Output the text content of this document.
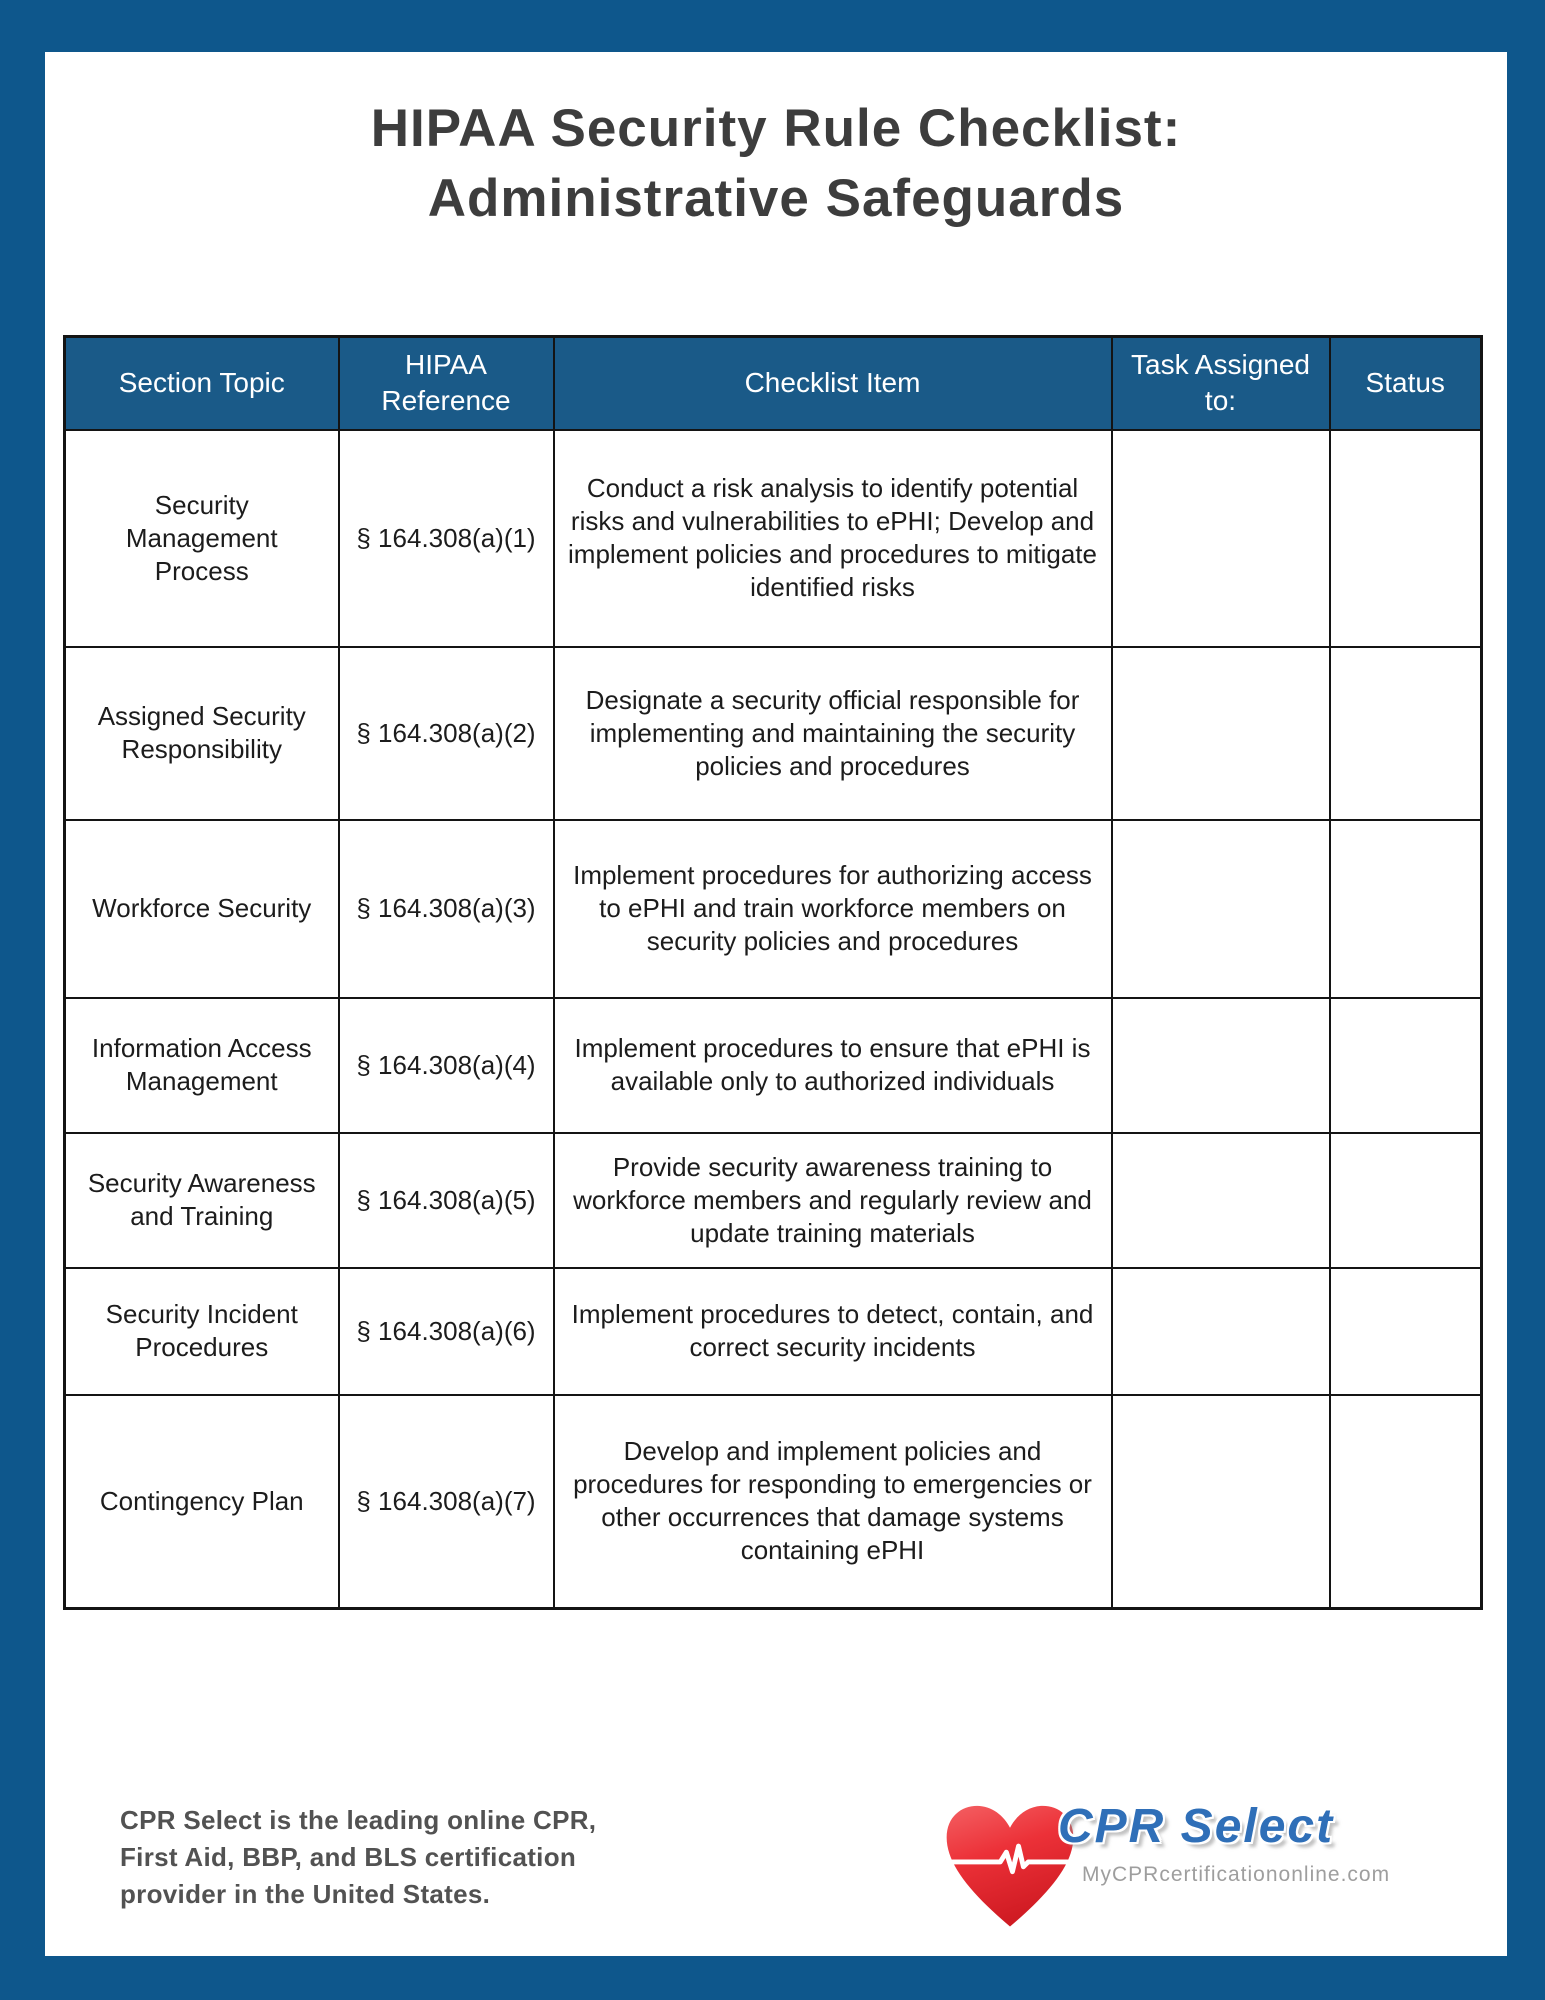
HIPAA Security Rule Checklist:
Administrative Safeguards
Section Topic	HIPAA Reference	Checklist Item	Task Assigned to:	Status

Security
Management
Process	§ 164.308(a)(1)	Conduct a risk analysis to identify potential risks and vulnerabilities to ePHI; Develop and implement policies and procedures to mitigate identified risks		

Assigned Security
Responsibility	§ 164.308(a)(2)	Designate a security official responsible for implementing and maintaining the security policies and procedures		

Workforce Security	§ 164.308(a)(3)	Implement procedures for authorizing access to ePHI and train workforce members on security policies and procedures		

Information Access
Management	§ 164.308(a)(4)	Implement procedures to ensure that ePHI is available only to authorized individuals		

Security Awareness
and Training	§ 164.308(a)(5)	Provide security awareness training to workforce members and regularly review and update training materials		

Security Incident
Procedures	§ 164.308(a)(6)	Implement procedures to detect, contain, and correct security incidents		

Contingency Plan	§ 164.308(a)(7)	Develop and implement policies and procedures for responding to emergencies or other occurrences that damage systems containing ePHI		
CPR Select is the leading online CPR,
First Aid, BBP, and BLS certification
provider in the United States.
CPR Select
MyCPRcertificationonline.com
